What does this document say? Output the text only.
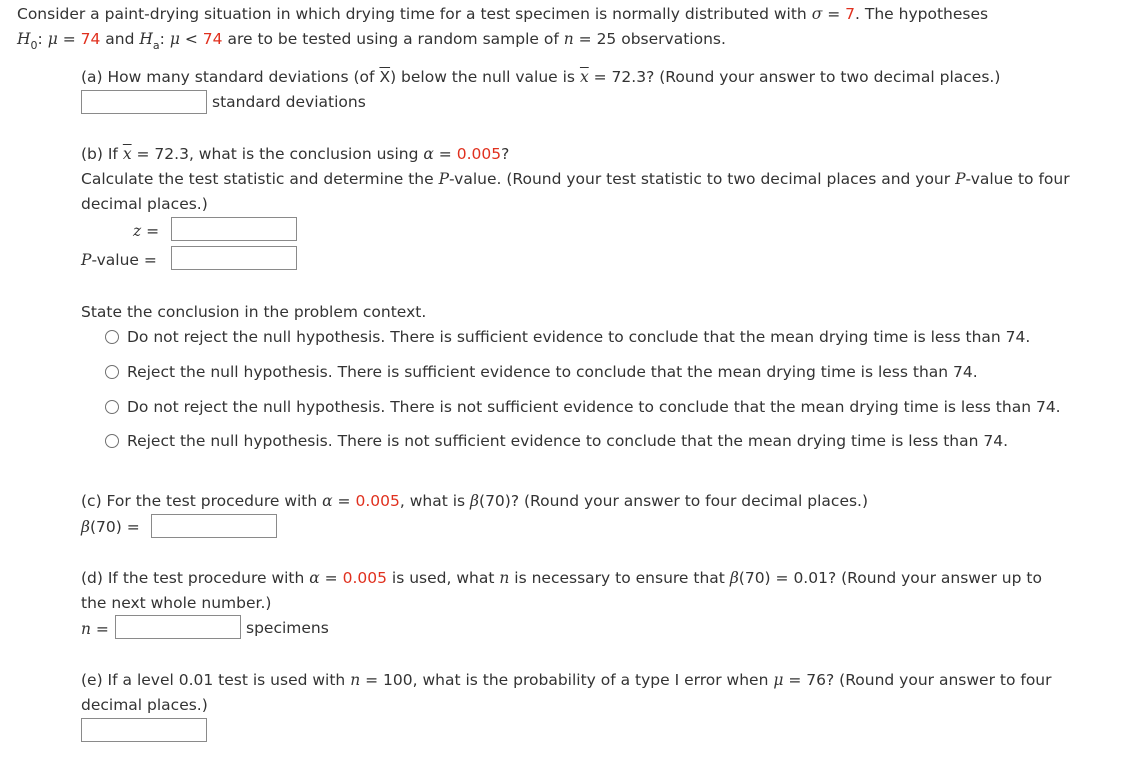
Consider a paint-drying situation in which drying time for a test specimen is normally distributed with σ = 7. The hypotheses
$H_0$: μ = 74 and $H_a$: μ < 74 are to be tested using a random sample of n = 25 observations.
(a) How many standard deviations (of $\overline{X}$) below the null value is $\overline{x} = 72.3$? (Round your answer to two decimal places.)
standard deviations
(b) If $\overline{x} = 72.3$, what is the conclusion using α = 0.005?
Calculate the test statistic and determine the P-value. (Round your test statistic to two decimal places and your P-value to four
decimal places.)
z =
P-value =
State the conclusion in the problem context.
Do not reject the null hypothesis. There is sufficient evidence to conclude that the mean drying time is less than 74.
Reject the null hypothesis. There is sufficient evidence to conclude that the mean drying time is less than 74.
Do not reject the null hypothesis. There is not sufficient evidence to conclude that the mean drying time is less than 74.
Reject the null hypothesis. There is not sufficient evidence to conclude that the mean drying time is less than 74.
(c) For the test procedure with α = 0.005, what is β(70)? (Round your answer to four decimal places.)
β(70) =
(d) If the test procedure with α = 0.005 is used, what n is necessary to ensure that β(70) = 0.01? (Round your answer up to
the next whole number.)
n =	specimens
(e) If a level 0.01 test is used with n = 100, what is the probability of a type I error when μ = 76? (Round your answer to four
decimal places.)
